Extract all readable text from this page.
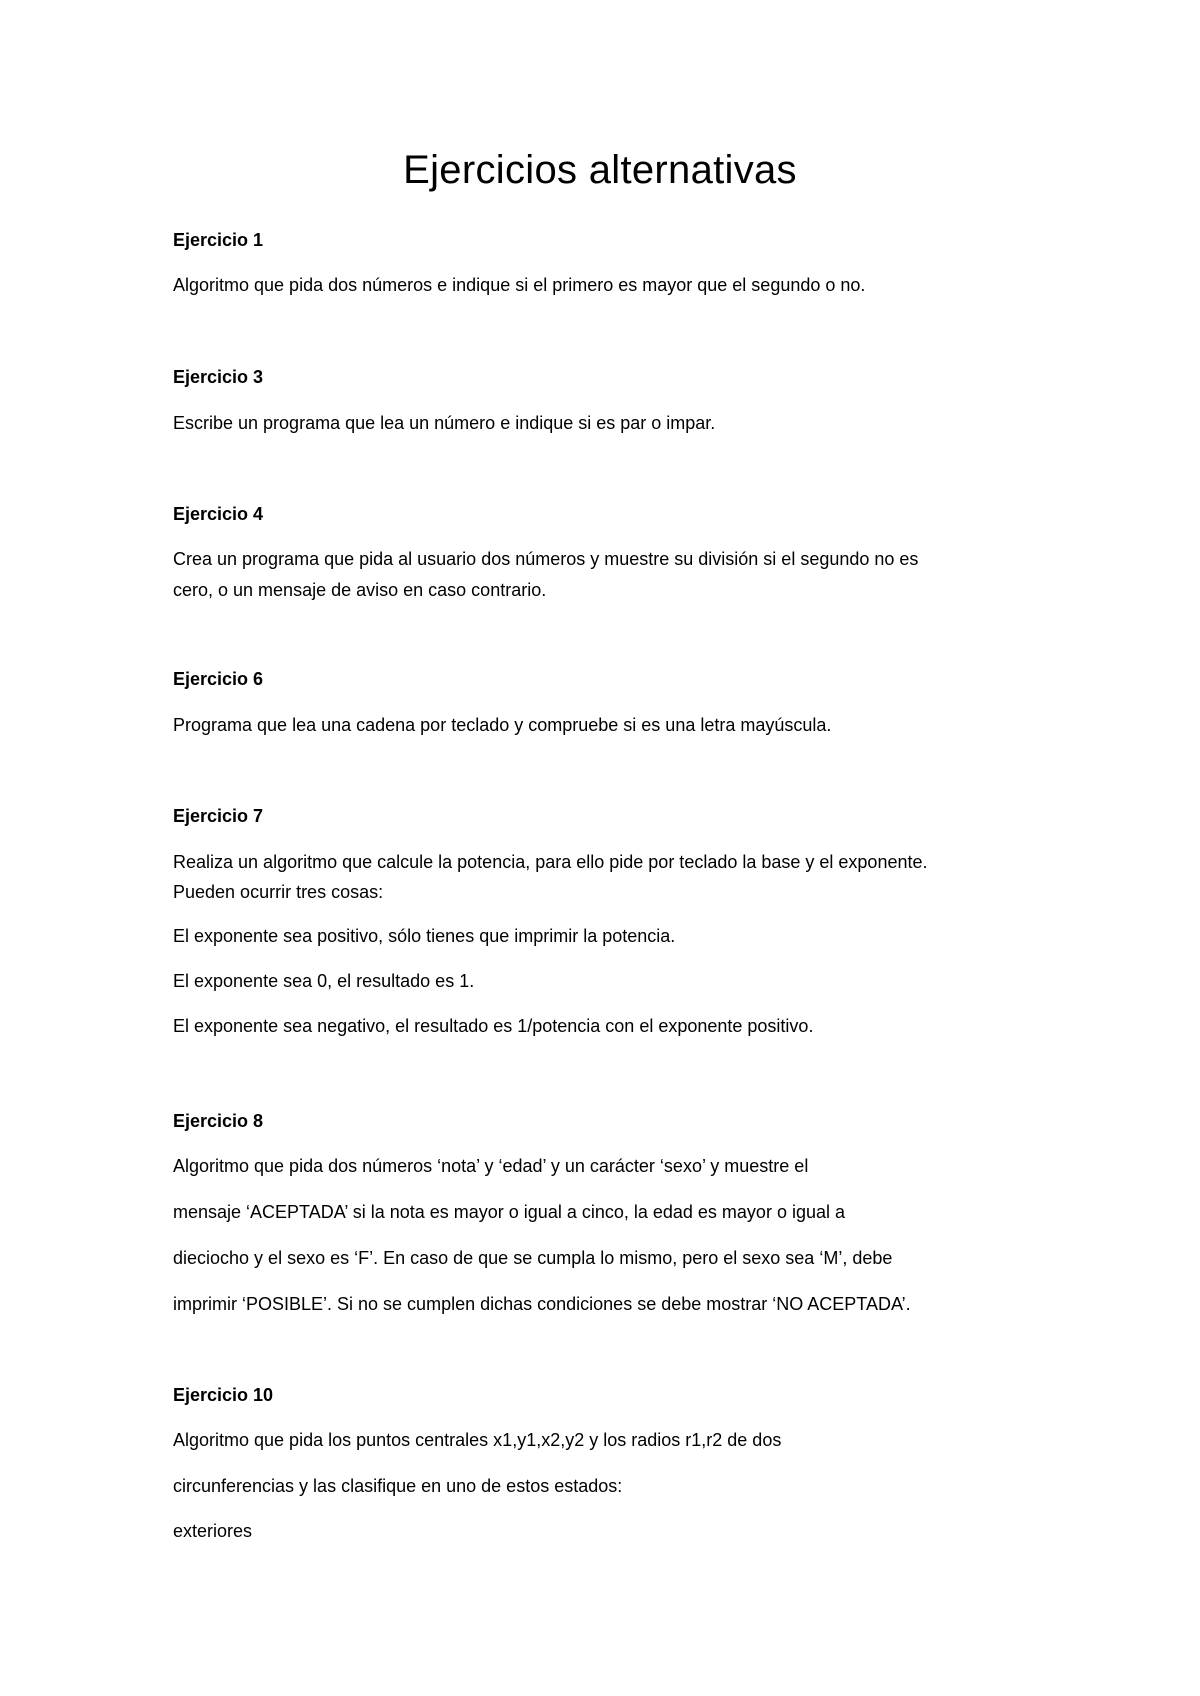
Ejercicios alternativas
Ejercicio 1
Algoritmo que pida dos números e indique si el primero es mayor que el segundo o no.
Ejercicio 3
Escribe un programa que lea un número e indique si es par o impar.
Ejercicio 4
Crea un programa que pida al usuario dos números y muestre su división si el segundo no es
cero, o un mensaje de aviso en caso contrario.
Ejercicio 6
Programa que lea una cadena por teclado y compruebe si es una letra mayúscula.
Ejercicio 7
Realiza un algoritmo que calcule la potencia, para ello pide por teclado la base y el exponente.
Pueden ocurrir tres cosas:
El exponente sea positivo, sólo tienes que imprimir la potencia.
El exponente sea 0, el resultado es 1.
El exponente sea negativo, el resultado es 1/potencia con el exponente positivo.
Ejercicio 8
Algoritmo que pida dos números ‘nota’ y ‘edad’ y un carácter ‘sexo’ y muestre el
mensaje ‘ACEPTADA’ si la nota es mayor o igual a cinco, la edad es mayor o igual a
dieciocho y el sexo es ‘F’. En caso de que se cumpla lo mismo, pero el sexo sea ‘M’, debe
imprimir ‘POSIBLE’. Si no se cumplen dichas condiciones se debe mostrar ‘NO ACEPTADA’.
Ejercicio 10
Algoritmo que pida los puntos centrales x1,y1,x2,y2 y los radios r1,r2 de dos
circunferencias y las clasifique en uno de estos estados:
exteriores
